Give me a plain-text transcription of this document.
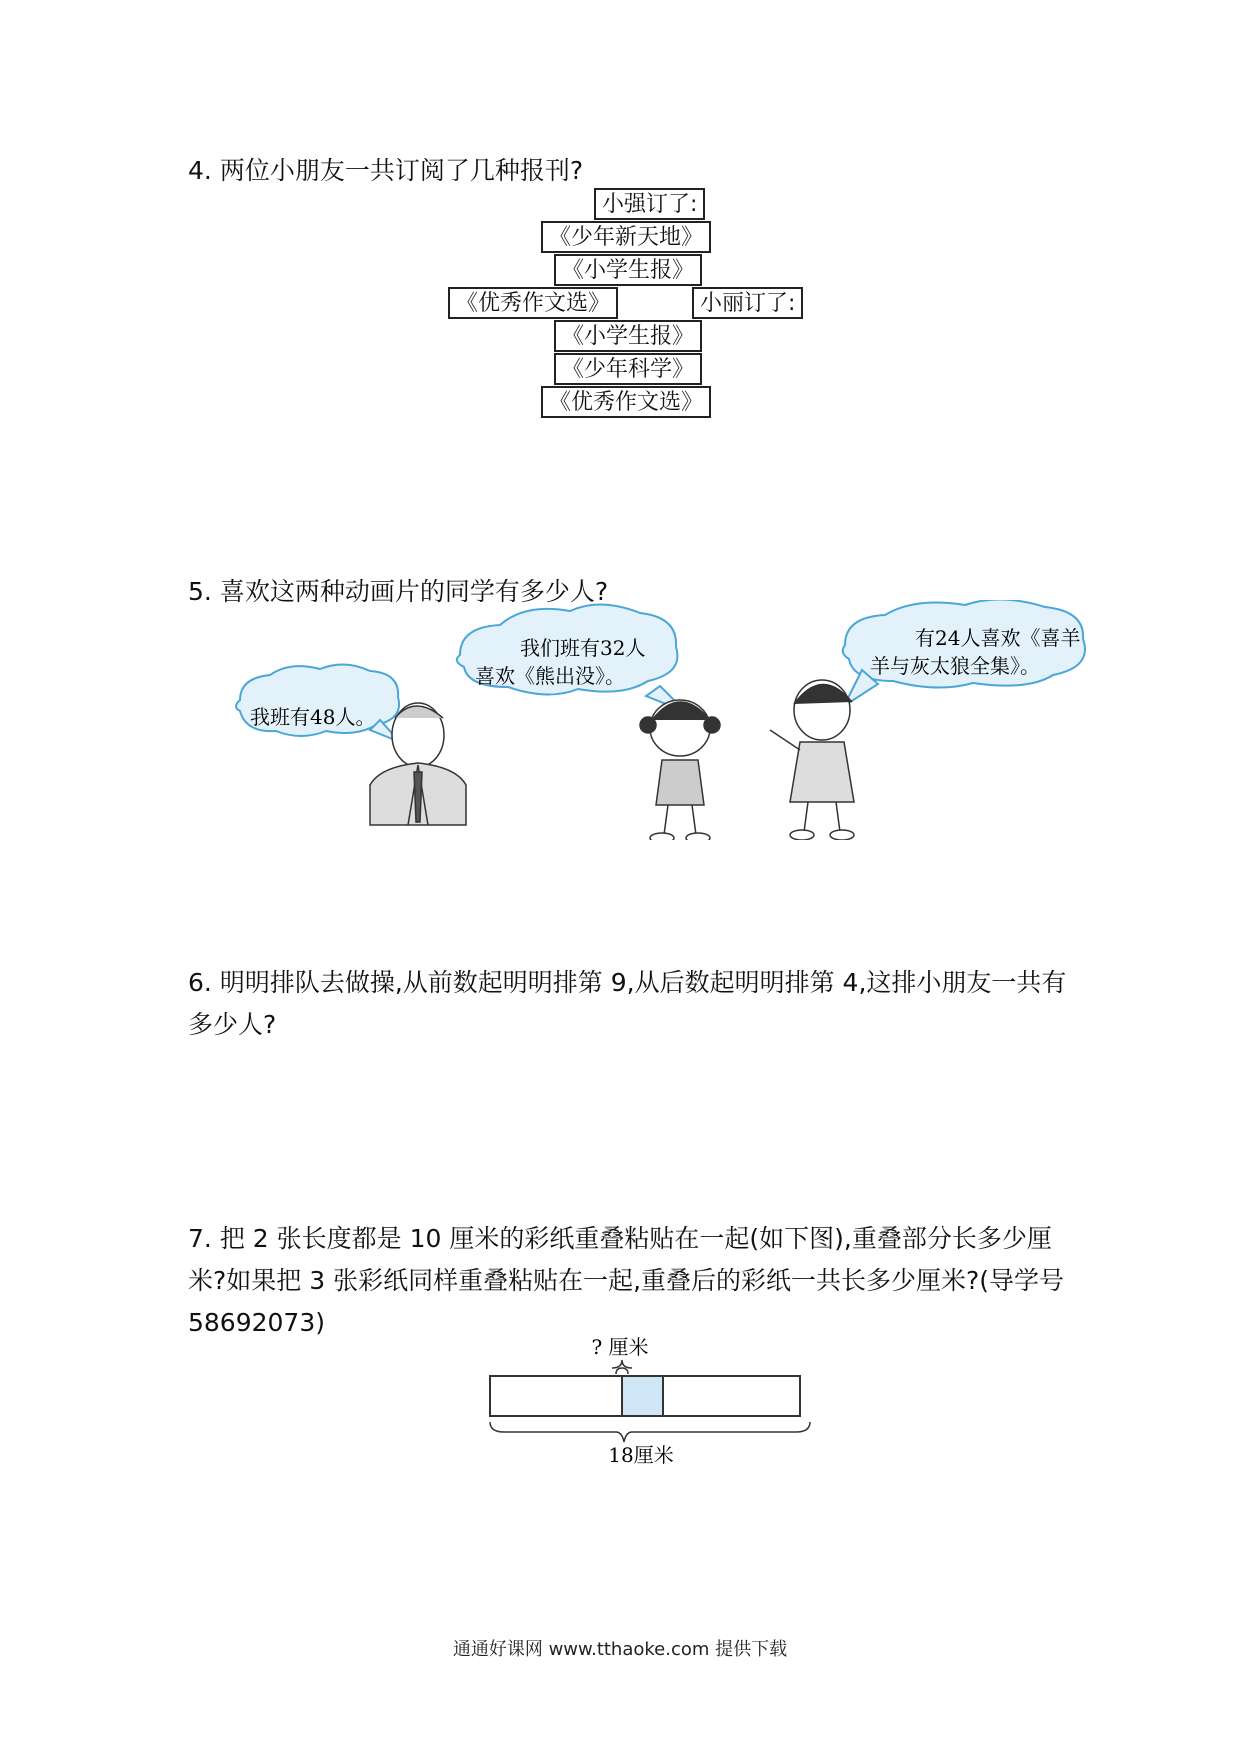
4. 两位小朋友一共订阅了几种报刊?
小强订了:
《少年新天地》
《小学生报》
《优秀作文选》	小丽订了:
《小学生报》
《少年科学》
《优秀作文选》
5. 喜欢这两种动画片的同学有多少人?
我班有48人。
我们班有32人
喜欢《熊出没》。
有24人喜欢《喜羊
羊与灰太狼全集》。
6. 明明排队去做操,从前数起明明排第 9,从后数起明明排第 4,这排小朋友一共有
多少人?
7. 把 2 张长度都是 10 厘米的彩纸重叠粘贴在一起(如下图),重叠部分长多少厘
米?如果把 3 张彩纸同样重叠粘贴在一起,重叠后的彩纸一共长多少厘米?(导学号
58692073)
? 厘米
18厘米
通通好课网 www.tthaoke.com 提供下载
